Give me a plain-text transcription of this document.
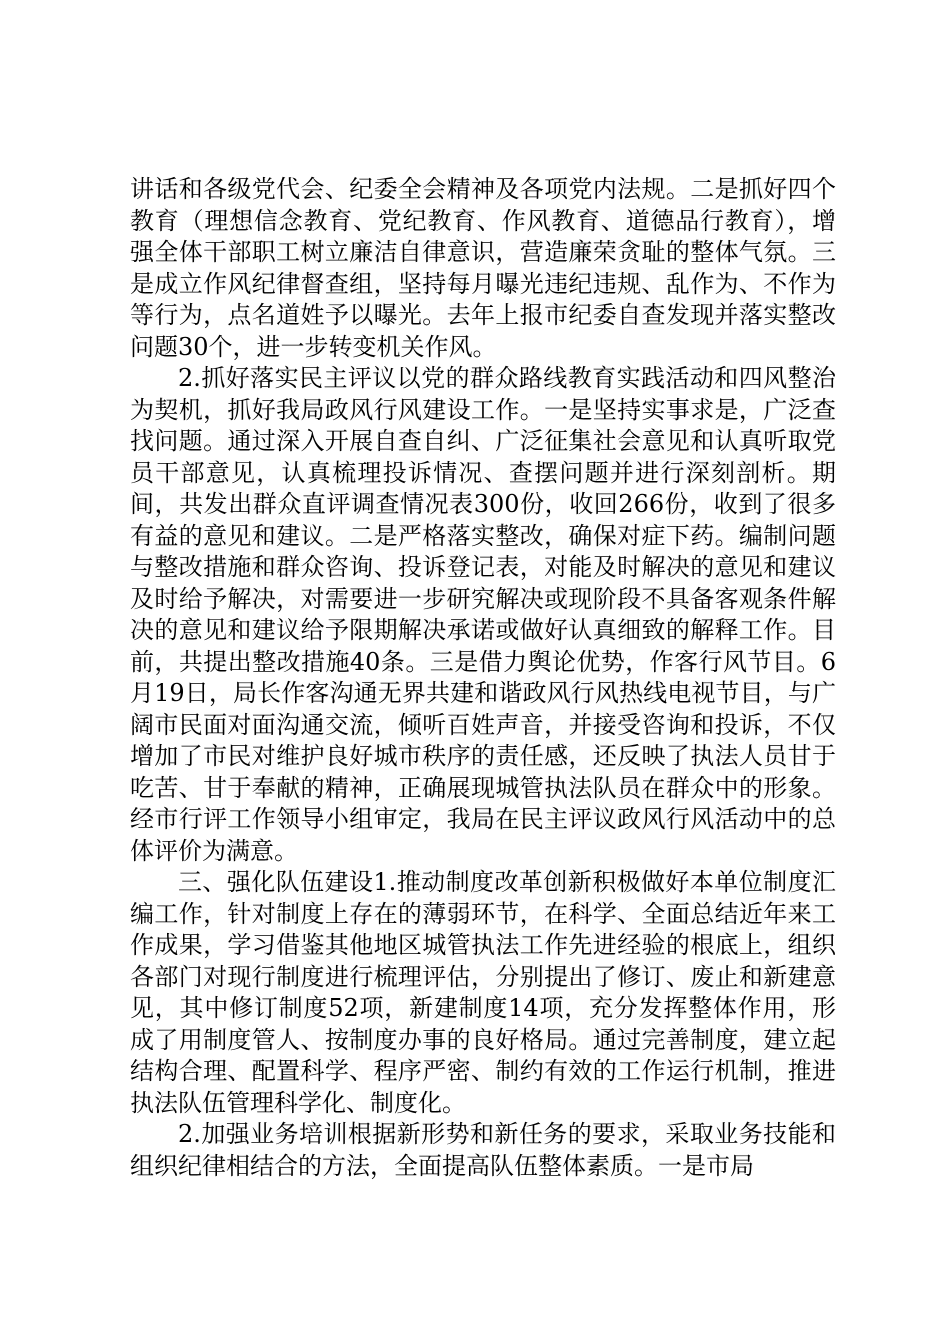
讲话和各级党代会、纪委全会精神及各项党内法规。二是抓好四个教育（理想信念教育、党纪教育、作风教育、道德品行教育），增强全体干部职工树立廉洁自律意识，营造廉荣贪耻的整体气氛。三是成立作风纪律督查组，坚持每月曝光违纪违规、乱作为、不作为等行为，点名道姓予以曝光。去年上报市纪委自查发现并落实整改问题30个，进一步转变机关作风。

2.抓好落实民主评议以党的群众路线教育实践活动和四风整治为契机，抓好我局政风行风建设工作。一是坚持实事求是，广泛查找问题。通过深入开展自查自纠、广泛征集社会意见和认真听取党员干部意见，认真梳理投诉情况、查摆问题并进行深刻剖析。期间，共发出群众直评调查情况表300份，收回266份，收到了很多有益的意见和建议。二是严格落实整改，确保对症下药。编制问题与整改措施和群众咨询、投诉登记表，对能及时解决的意见和建议及时给予解决，对需要进一步研究解决或现阶段不具备客观条件解决的意见和建议给予限期解决承诺或做好认真细致的解释工作。目前，共提出整改措施40条。三是借力舆论优势，作客行风节目。6月19日，局长作客沟通无界共建和谐政风行风热线电视节目，与广阔市民面对面沟通交流，倾听百姓声音，并接受咨询和投诉，不仅增加了市民对维护良好城市秩序的责任感，还反映了执法人员甘于吃苦、甘于奉献的精神，正确展现城管执法队员在群众中的形象。经市行评工作领导小组审定，我局在民主评议政风行风活动中的总体评价为满意。

三、强化队伍建设1.推动制度改革创新积极做好本单位制度汇编工作，针对制度上存在的薄弱环节，在科学、全面总结近年来工作成果，学习借鉴其他地区城管执法工作先进经验的根底上，组织各部门对现行制度进行梳理评估，分别提出了修订、废止和新建意见，其中修订制度52项，新建制度14项，充分发挥整体作用，形成了用制度管人、按制度办事的良好格局。通过完善制度，建立起结构合理、配置科学、程序严密、制约有效的工作运行机制，推进执法队伍管理科学化、制度化。

2.加强业务培训根据新形势和新任务的要求，采取业务技能和组织纪律相结合的方法，全面提高队伍整体素质。一是市局
